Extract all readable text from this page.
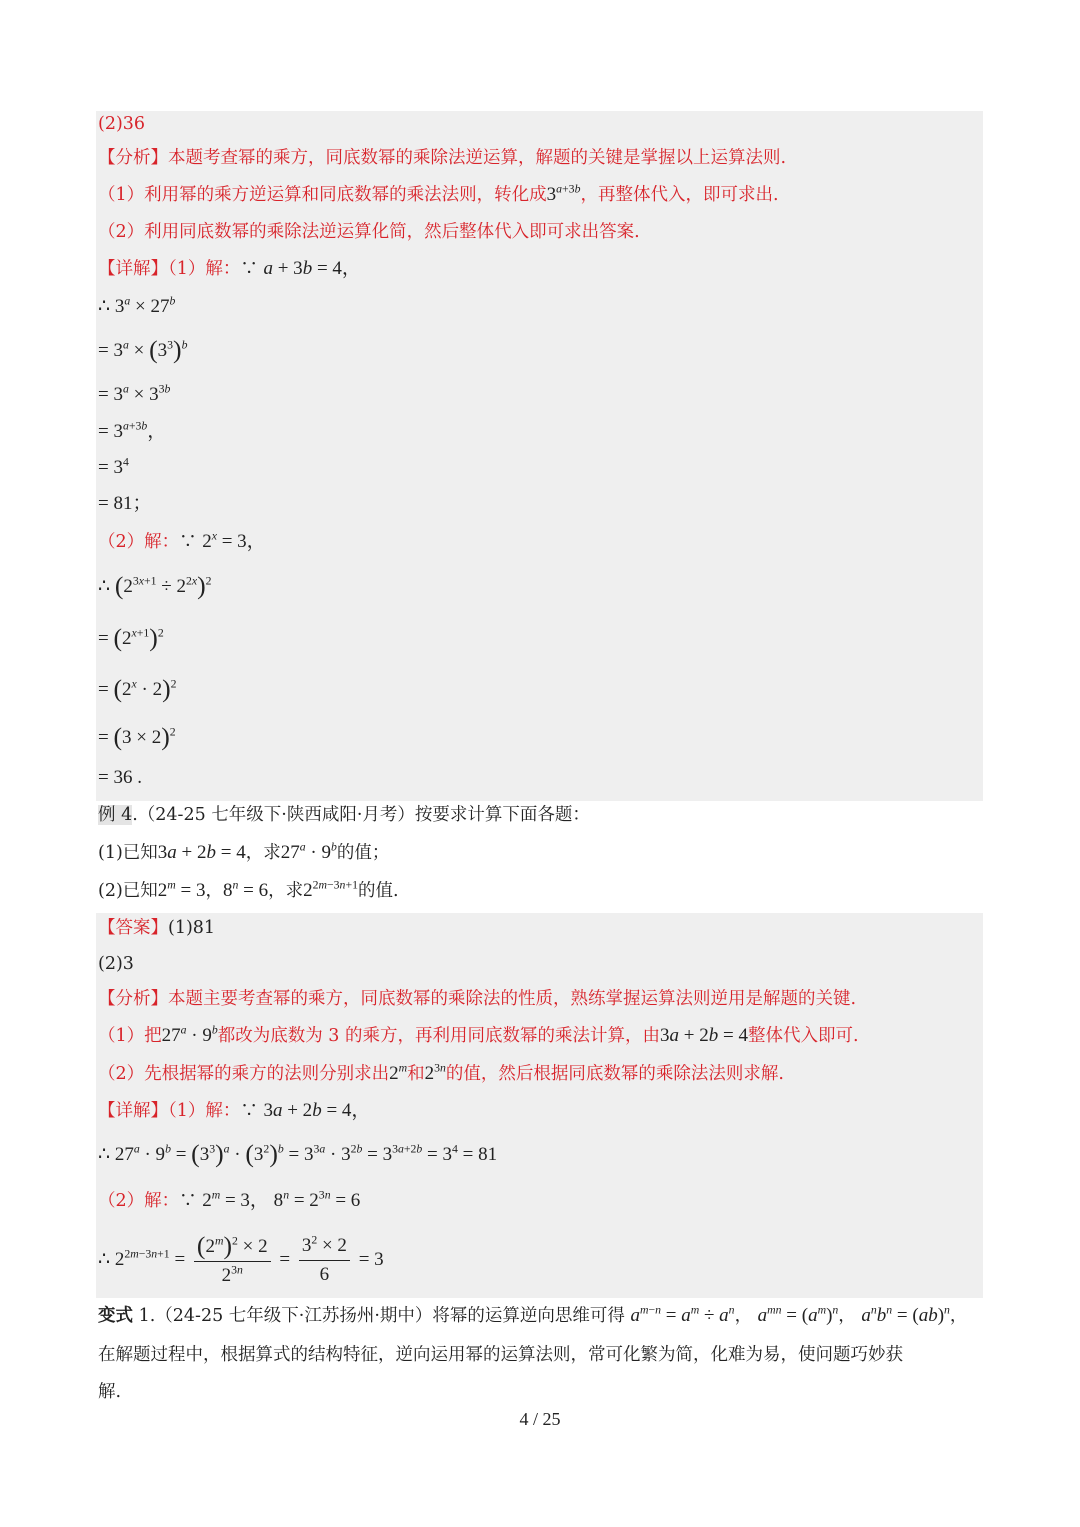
(2)36
【分析】本题考查幂的乘方，同底数幂的乘除法逆运算，解题的关键是掌握以上运算法则.
（1）利用幂的乘方逆运算和同底数幂的乘法法则，转化成$3^{a+3b}$，再整体代入，即可求出.
（2）利用同底数幂的乘除法逆运算化简，然后整体代入即可求出答案.
【详解】（1）解：∵ a + 3b = 4，
∴ $3^a \times 27^b$
= $3^a \times (3^3)^b$
= $3^a \times 3^{3b}$
= $3^{a+3b}$，
= $3^4$
= 81；
（2）解：∵ $2^x = 3$，
∴ $(2^{3x+1} \div 2^{2x})^2$
= $(2^{x+1})^2$
= $(2^x \cdot 2)^2$
= $(3 \times 2)^2$
= 36 .
例 4.（24-25 七年级下·陕西咸阳·月考）按要求计算下面各题：
(1)已知3a + 2b = 4，求$27^a \cdot 9^b$的值；
(2)已知$2^m = 3$，$8^n = 6$，求$2^{2m-3n+1}$的值.
【答案】(1)81
(2)3
【分析】本题主要考查幂的乘方，同底数幂的乘除法的性质，熟练掌握运算法则逆用是解题的关键.
（1）把$27^a \cdot 9^b$都改为底数为 3 的乘方，再利用同底数幂的乘法计算，由3a + 2b = 4整体代入即可.
（2）先根据幂的乘方的法则分别求出2$^m$和$2^{3n}$的值，然后根据同底数幂的乘除法法则求解.
【详解】（1）解：∵ 3a + 2b = 4，
∴ $27^a \cdot 9^b = (3^3)^a \cdot (3^2)^b = 3^{3a} \cdot 3^{2b} = 3^{3a+2b} = 3^4 = 81$
（2）解：∵ $2^m = 3$， $8^n = 2^{3n} = 6$
∴ $2^{2m-3n+1} = \frac{(2^m)^2 \times 2}{2^{3n}} = \frac{3^2 \times 2}{6} = 3$
变式 1.（24-25 七年级下·江苏扬州·期中）将幂的运算逆向思维可得 $a^{m-n} = a^m \div a^n$， $a^{mn} = (a^m)^n$， $a^nb^n = (ab)^n$，
在解题过程中，根据算式的结构特征，逆向运用幂的运算法则，常可化繁为简，化难为易，使问题巧妙获
解.
4 / 25
